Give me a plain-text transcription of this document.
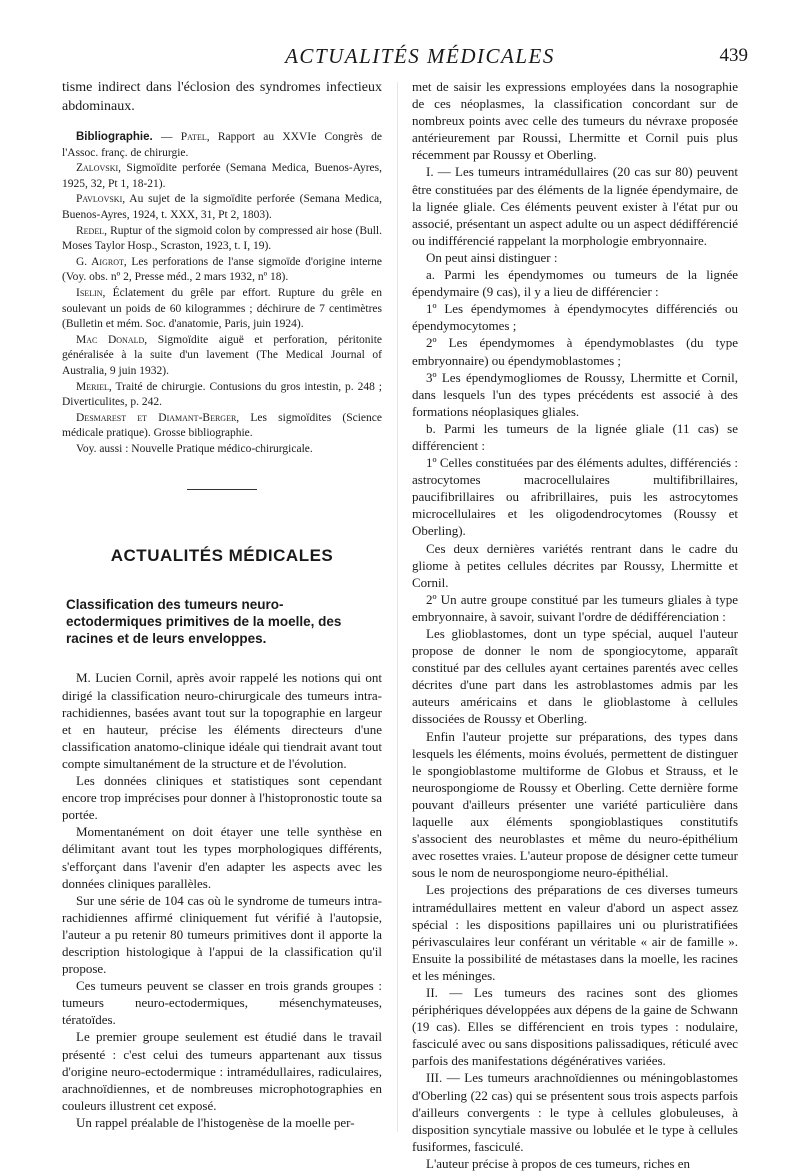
ACTUALITÉS MÉDICALES	439

tisme indirect dans l'éclosion des syndromes infectieux abdominaux.

Bibliographie. — Patel, Rapport au XXVIe Congrès de l'Assoc. franç. de chirurgie.

Zalovski, Sigmoïdite perforée (Semana Medica, Buenos-Ayres, 1925, 32, Pt 1, 18-21).

Pavlovski, Au sujet de la sigmoïdite perforée (Semana Medica, Buenos-Ayres, 1924, t. XXX, 31, Pt 2, 1803).

Redel, Ruptur of the sigmoid colon by compressed air hose (Bull. Moses Taylor Hosp., Scraston, 1923, t. I, 19).

G. Aigrot, Les perforations de l'anse sigmoïde d'origine interne (Voy. obs. nº 2, Presse méd., 2 mars 1932, nº 18).

Iselin, Éclatement du grêle par effort. Rupture du grêle en soulevant un poids de 60 kilogrammes ; déchirure de 7 centimètres (Bulletin et mém. Soc. d'anatomie, Paris, juin 1924).

Mac Donald, Sigmoïdite aiguë et perforation, péritonite généralisée à la suite d'un lavement (The Medical Journal of Australia, 9 juin 1932).

Meriel, Traité de chirurgie. Contusions du gros intestin, p. 248 ; Diverticulites, p. 242.

Desmarest et Diamant-Berger, Les sigmoïdites (Science médicale pratique). Grosse bibliographie.

Voy. aussi : Nouvelle Pratique médico-chirurgicale.

ACTUALITÉS MÉDICALES
Classification des tumeurs neuro-ectodermiques primitives de la moelle, des racines et de leurs enveloppes.

M. Lucien Cornil, après avoir rappelé les notions qui ont dirigé la classification neuro-chirurgicale des tumeurs intra-rachidiennes, basées avant tout sur la topographie en largeur et en hauteur, précise les éléments directeurs d'une classification anatomo-clinique idéale qui tiendrait avant tout compte simultanément de la structure et de l'évolution.

Les données cliniques et statistiques sont cependant encore trop imprécises pour donner à l'histopronostic toute sa portée.

Momentanément on doit étayer une telle synthèse en délimitant avant tout les types morphologiques différents, s'efforçant dans l'avenir d'en adapter les aspects avec les données cliniques parallèles.

Sur une série de 104 cas où le syndrome de tumeurs intra-rachidiennes affirmé cliniquement fut vérifié à l'autopsie, l'auteur a pu retenir 80 tumeurs primitives dont il apporte la description histologique à l'appui de la classification qu'il propose.

Ces tumeurs peuvent se classer en trois grands groupes : tumeurs neuro-ectodermiques, mésenchymateuses, tératoïdes.

Le premier groupe seulement est étudié dans le travail présenté : c'est celui des tumeurs appartenant aux tissus d'origine neuro-ectodermique : intramédullaires, radiculaires, arachnoïdiennes, et de nombreuses microphotographies en couleurs illustrent cet exposé.

Un rappel préalable de l'histogenèse de la moelle per-

met de saisir les expressions employées dans la nosographie de ces néoplasmes, la classification concordant sur de nombreux points avec celle des tumeurs du névraxe proposée antérieurement par Roussi, Lhermitte et Cornil puis plus récemment par Roussy et Oberling.

I. — Les tumeurs intramédullaires (20 cas sur 80) peuvent être constituées par des éléments de la lignée épendymaire, de la lignée gliale. Ces éléments peuvent exister à l'état pur ou associé, présentant un aspect adulte ou un aspect dédifférencié ou indifférencié rappelant la morphologie embryonnaire.

On peut ainsi distinguer :

a. Parmi les épendymomes ou tumeurs de la lignée épendymaire (9 cas), il y a lieu de différencier :

1º Les épendymomes à épendymocytes différenciés ou épendymocytomes ;

2º Les épendymomes à épendymoblastes (du type embryonnaire) ou épendymoblastomes ;

3º Les épendymogliomes de Roussy, Lhermitte et Cornil, dans lesquels l'un des types précédents est associé à des formations néoplasiques gliales.

b. Parmi les tumeurs de la lignée gliale (11 cas) se différencient :

1º Celles constituées par des éléments adultes, différenciés : astrocytomes macrocellulaires multifibrillaires, paucifibrillaires ou afribrillaires, puis les astrocytomes microcellulaires et les oligodendrocytomes (Roussy et Oberling).

Ces deux dernières variétés rentrant dans le cadre du gliome à petites cellules décrites par Roussy, Lhermitte et Cornil.

2º Un autre groupe constitué par les tumeurs gliales à type embryonnaire, à savoir, suivant l'ordre de dédifférenciation :

Les glioblastomes, dont un type spécial, auquel l'auteur propose de donner le nom de spongiocytome, apparaît constitué par des cellules ayant certaines parentés avec celles décrites d'une part dans les astroblastomes admis par les auteurs américains et dans le glioblastome à cellules dissociées de Roussy et Oberling.

Enfin l'auteur projette sur préparations, des types dans lesquels les éléments, moins évolués, permettent de distinguer le spongioblastome multiforme de Globus et Strauss, et le neurospongiome de Roussy et Oberling. Cette dernière forme pouvant d'ailleurs présenter une variété particulière dans laquelle aux éléments spongioblastiques constitutifs s'associent des neuroblastes et même du neuro-épithélium avec rosettes vraies. L'auteur propose de désigner cette tumeur sous le nom de neurospongiome neuro-épithélial.

Les projections des préparations de ces diverses tumeurs intramédullaires mettent en valeur d'abord un aspect assez spécial : les dispositions papillaires uni ou pluristratifiées périvasculaires leur conférant un véritable « air de famille ». Ensuite la possibilité de métastases dans la moelle, les racines et les méninges.

II. — Les tumeurs des racines sont des gliomes périphériques développées aux dépens de la gaine de Schwann (19 cas). Elles se différencient en trois types : nodulaire, fasciculé avec ou sans dispositions palissadiques, réticulé avec parfois des manifestations dégénératives variées.

III. — Les tumeurs arachnoïdiennes ou méningoblastomes d'Oberling (22 cas) qui se présentent sous trois aspects parfois d'ailleurs convergents : le type à cellules globuleuses, à disposition syncytiale massive ou lobulée et le type à cellules fusiformes, fasciculé.

L'auteur précise à propos de ces tumeurs, riches en
